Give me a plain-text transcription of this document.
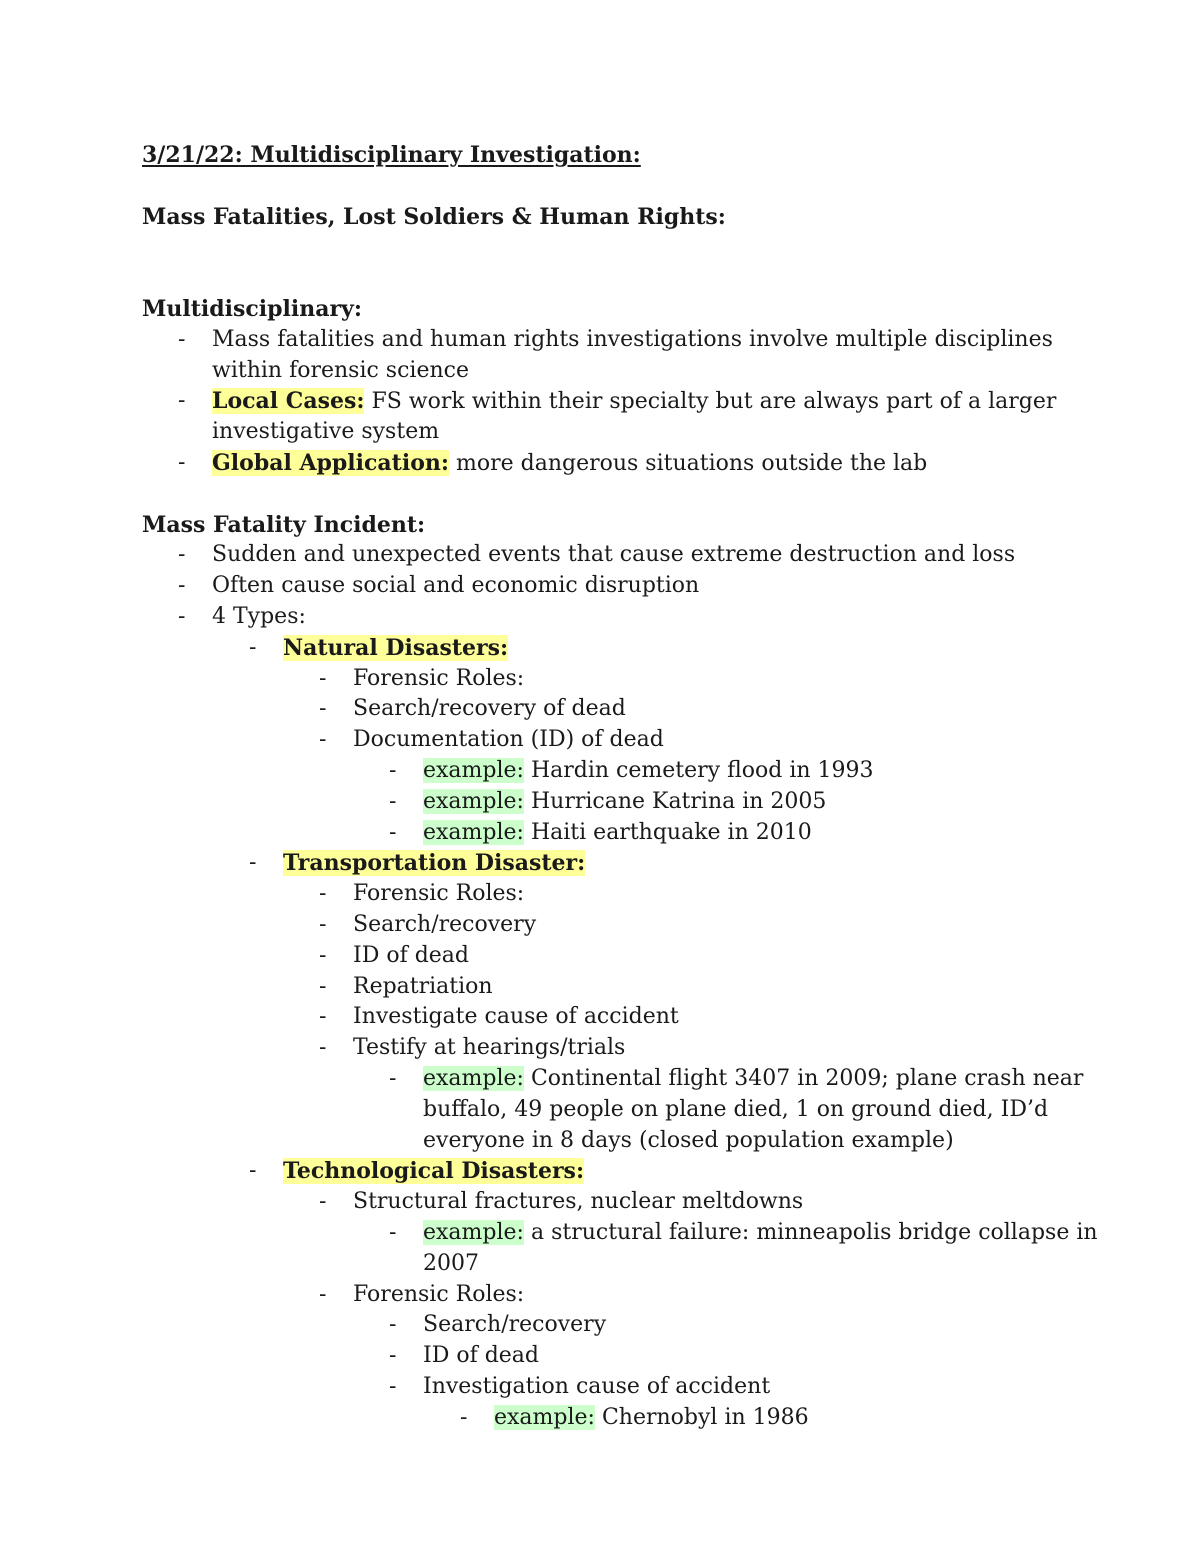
3/21/22: Multidisciplinary Investigation:
Mass Fatalities, Lost Soldiers & Human Rights:
Multidisciplinary:
-	Mass fatalities and human rights investigations involve multiple disciplines
within forensic science
-	Local Cases: FS work within their specialty but are always part of a larger
investigative system
-	Global Application: more dangerous situations outside the lab
Mass Fatality Incident:
-	Sudden and unexpected events that cause extreme destruction and loss
-	Often cause social and economic disruption
-	4 Types:
-	Natural Disasters:
-	Forensic Roles:
-	Search/recovery of dead
-	Documentation (ID) of dead
-	example: Hardin cemetery flood in 1993
-	example: Hurricane Katrina in 2005
-	example: Haiti earthquake in 2010
-	Transportation Disaster:
-	Forensic Roles:
-	Search/recovery
-	ID of dead
-	Repatriation
-	Investigate cause of accident
-	Testify at hearings/trials
-	example: Continental flight 3407 in 2009; plane crash near
buffalo, 49 people on plane died, 1 on ground died, ID’d
everyone in 8 days (closed population example)
-	Technological Disasters:
-	Structural fractures, nuclear meltdowns
-	example: a structural failure: minneapolis bridge collapse in
2007
-	Forensic Roles:
-	Search/recovery
-	ID of dead
-	Investigation cause of accident
-	example: Chernobyl in 1986
